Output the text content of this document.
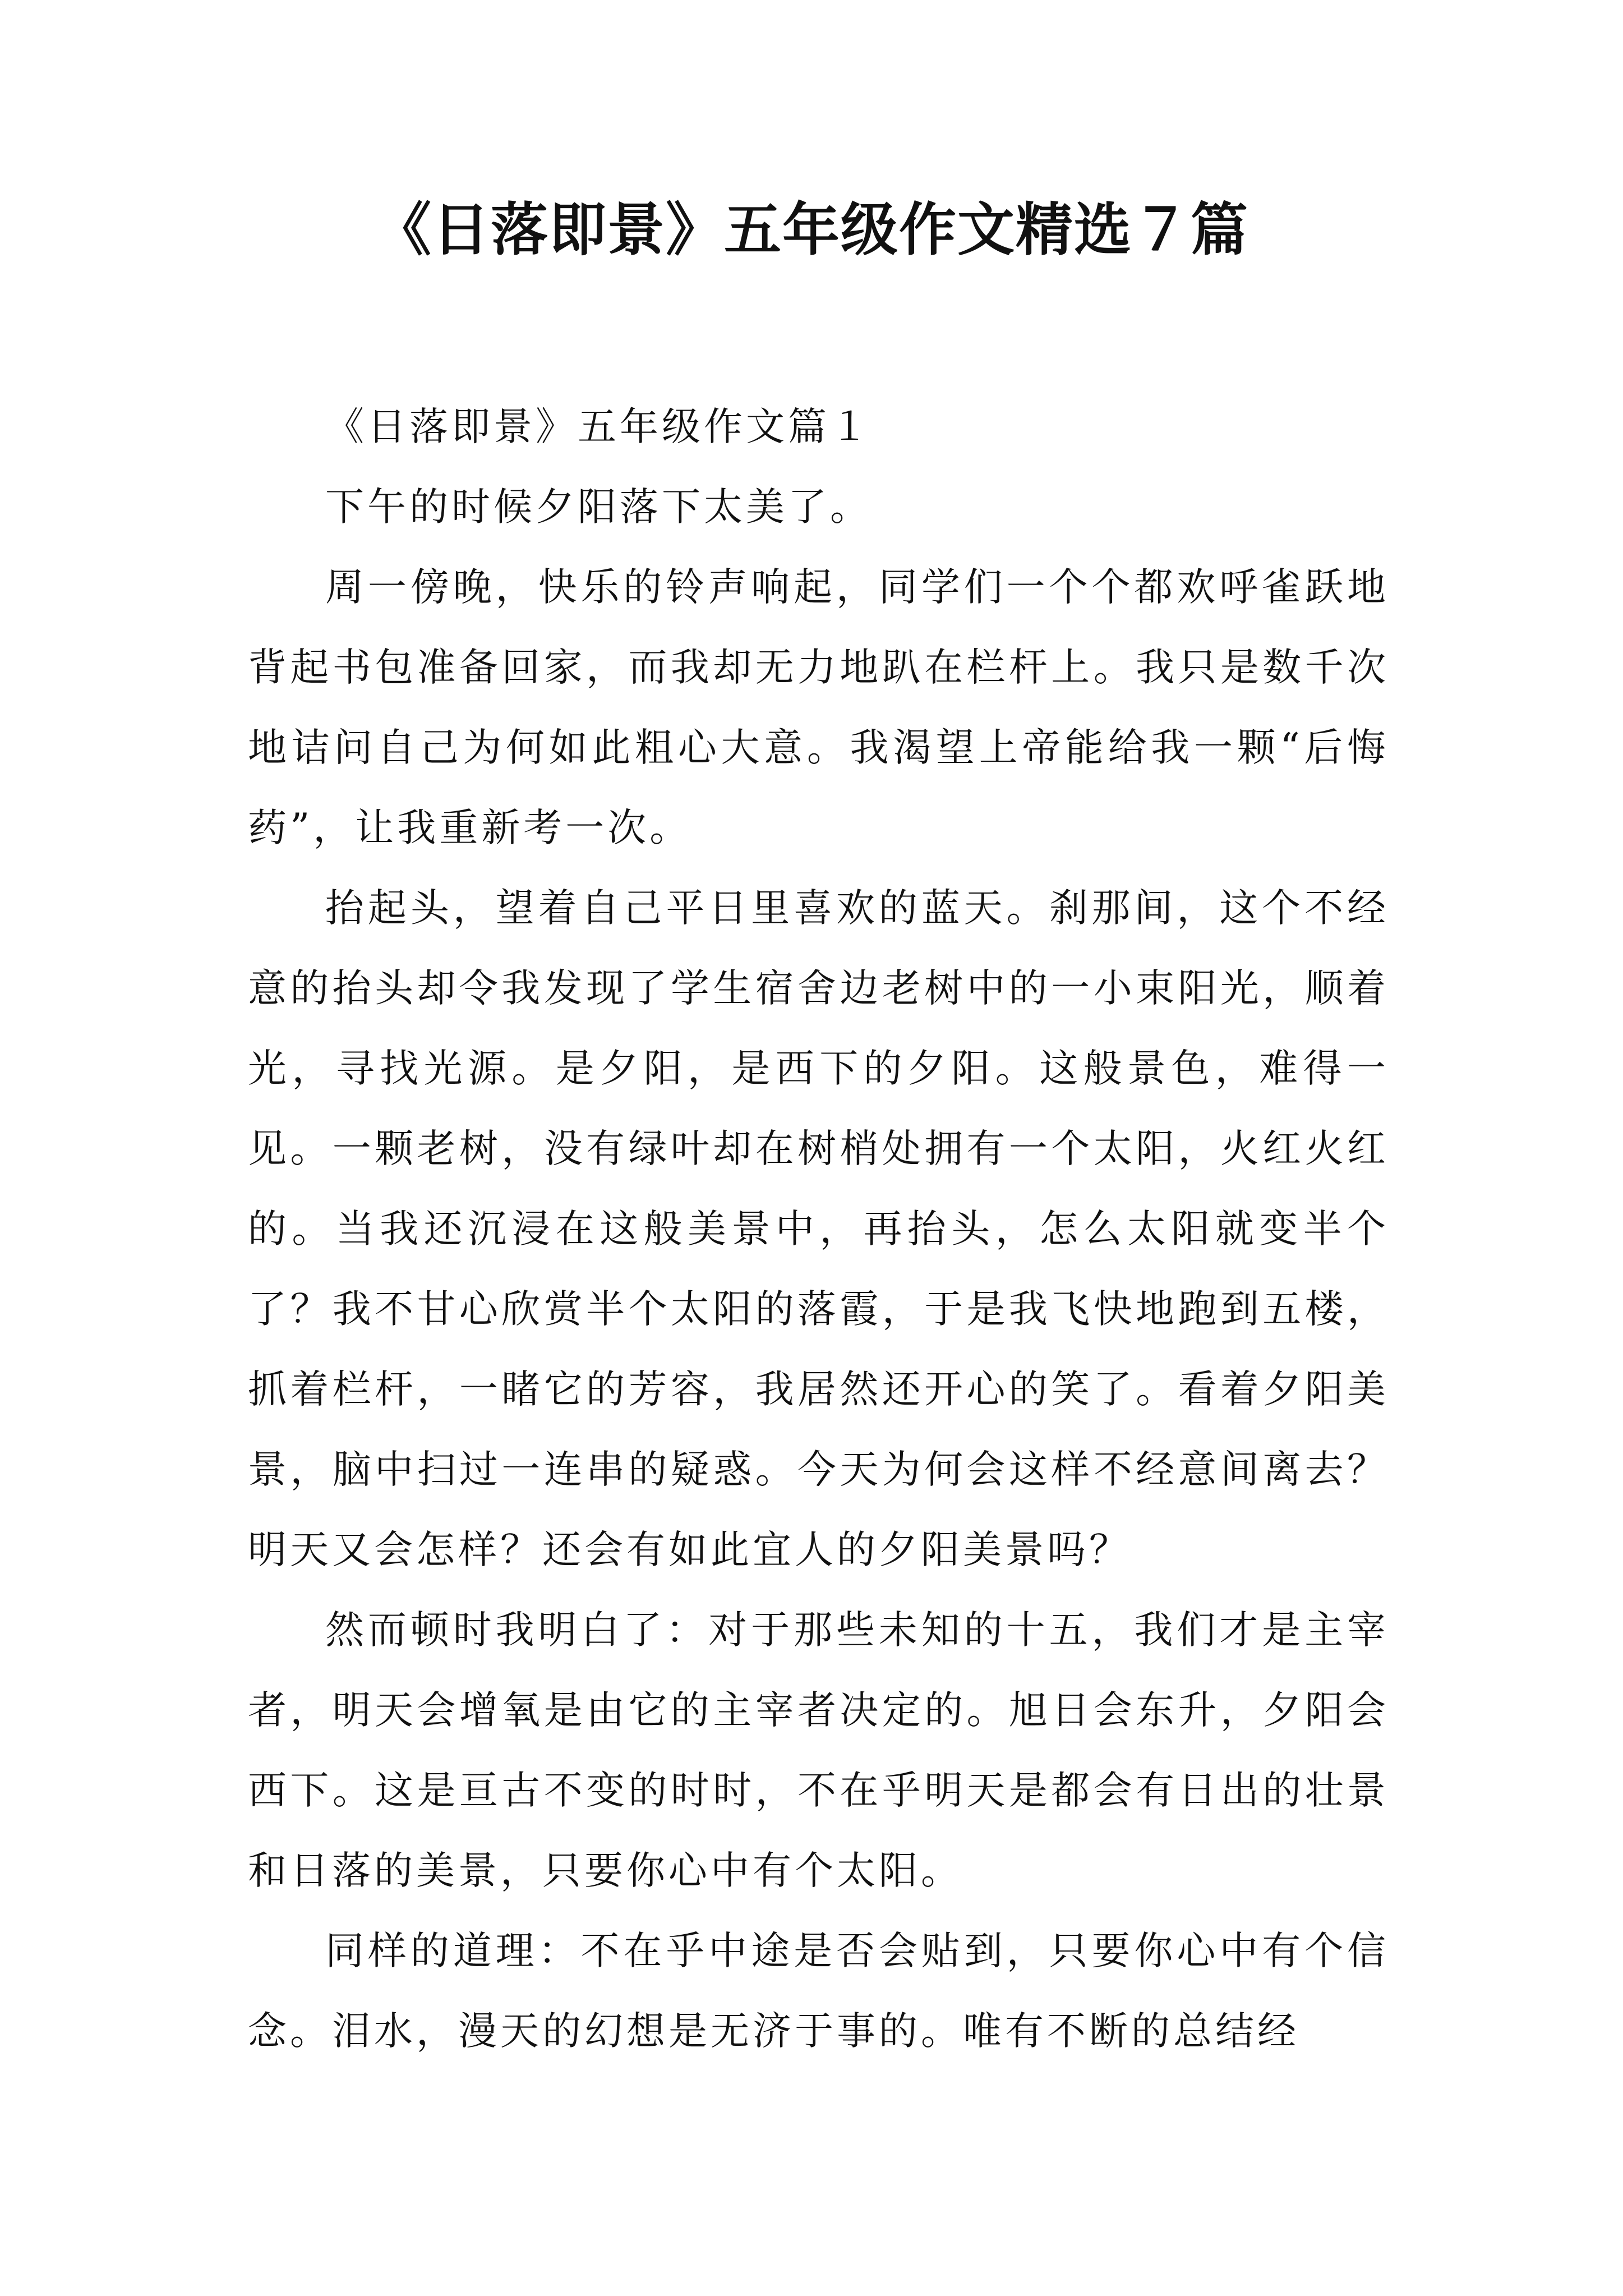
《日落即景》五年级作文精选７篇

《日落即景》五年级作文篇１

下午的时候夕阳落下太美了。

周一傍晚，快乐的铃声响起，同学们一个个都欢呼雀跃地背起书包准备回家，而我却无力地趴在栏杆上。我只是数千次地诘问自己为何如此粗心大意。我渴望上帝能给我一颗“后悔药”，让我重新考一次。

抬起头，望着自己平日里喜欢的蓝天。刹那间，这个不经意的抬头却令我发现了学生宿舍边老树中的一小束阳光，顺着光，寻找光源。是夕阳，是西下的夕阳。这般景色，难得一见。一颗老树，没有绿叶却在树梢处拥有一个太阳，火红火红的。当我还沉浸在这般美景中，再抬头，怎么太阳就变半个了？我不甘心欣赏半个太阳的落霞，于是我飞快地跑到五楼，抓着栏杆，一睹它的芳容，我居然还开心的笑了。看着夕阳美景，脑中扫过一连串的疑惑。今天为何会这样不经意间离去？明天又会怎样？还会有如此宜人的夕阳美景吗？

然而顿时我明白了：对于那些未知的十五，我们才是主宰者，明天会增氧是由它的主宰者决定的。旭日会东升，夕阳会西下。这是亘古不变的时时，不在乎明天是都会有日出的壮景和日落的美景，只要你心中有个太阳。

同样的道理：不在乎中途是否会贴到，只要你心中有个信念。泪水，漫天的幻想是无济于事的。唯有不断的总结经
